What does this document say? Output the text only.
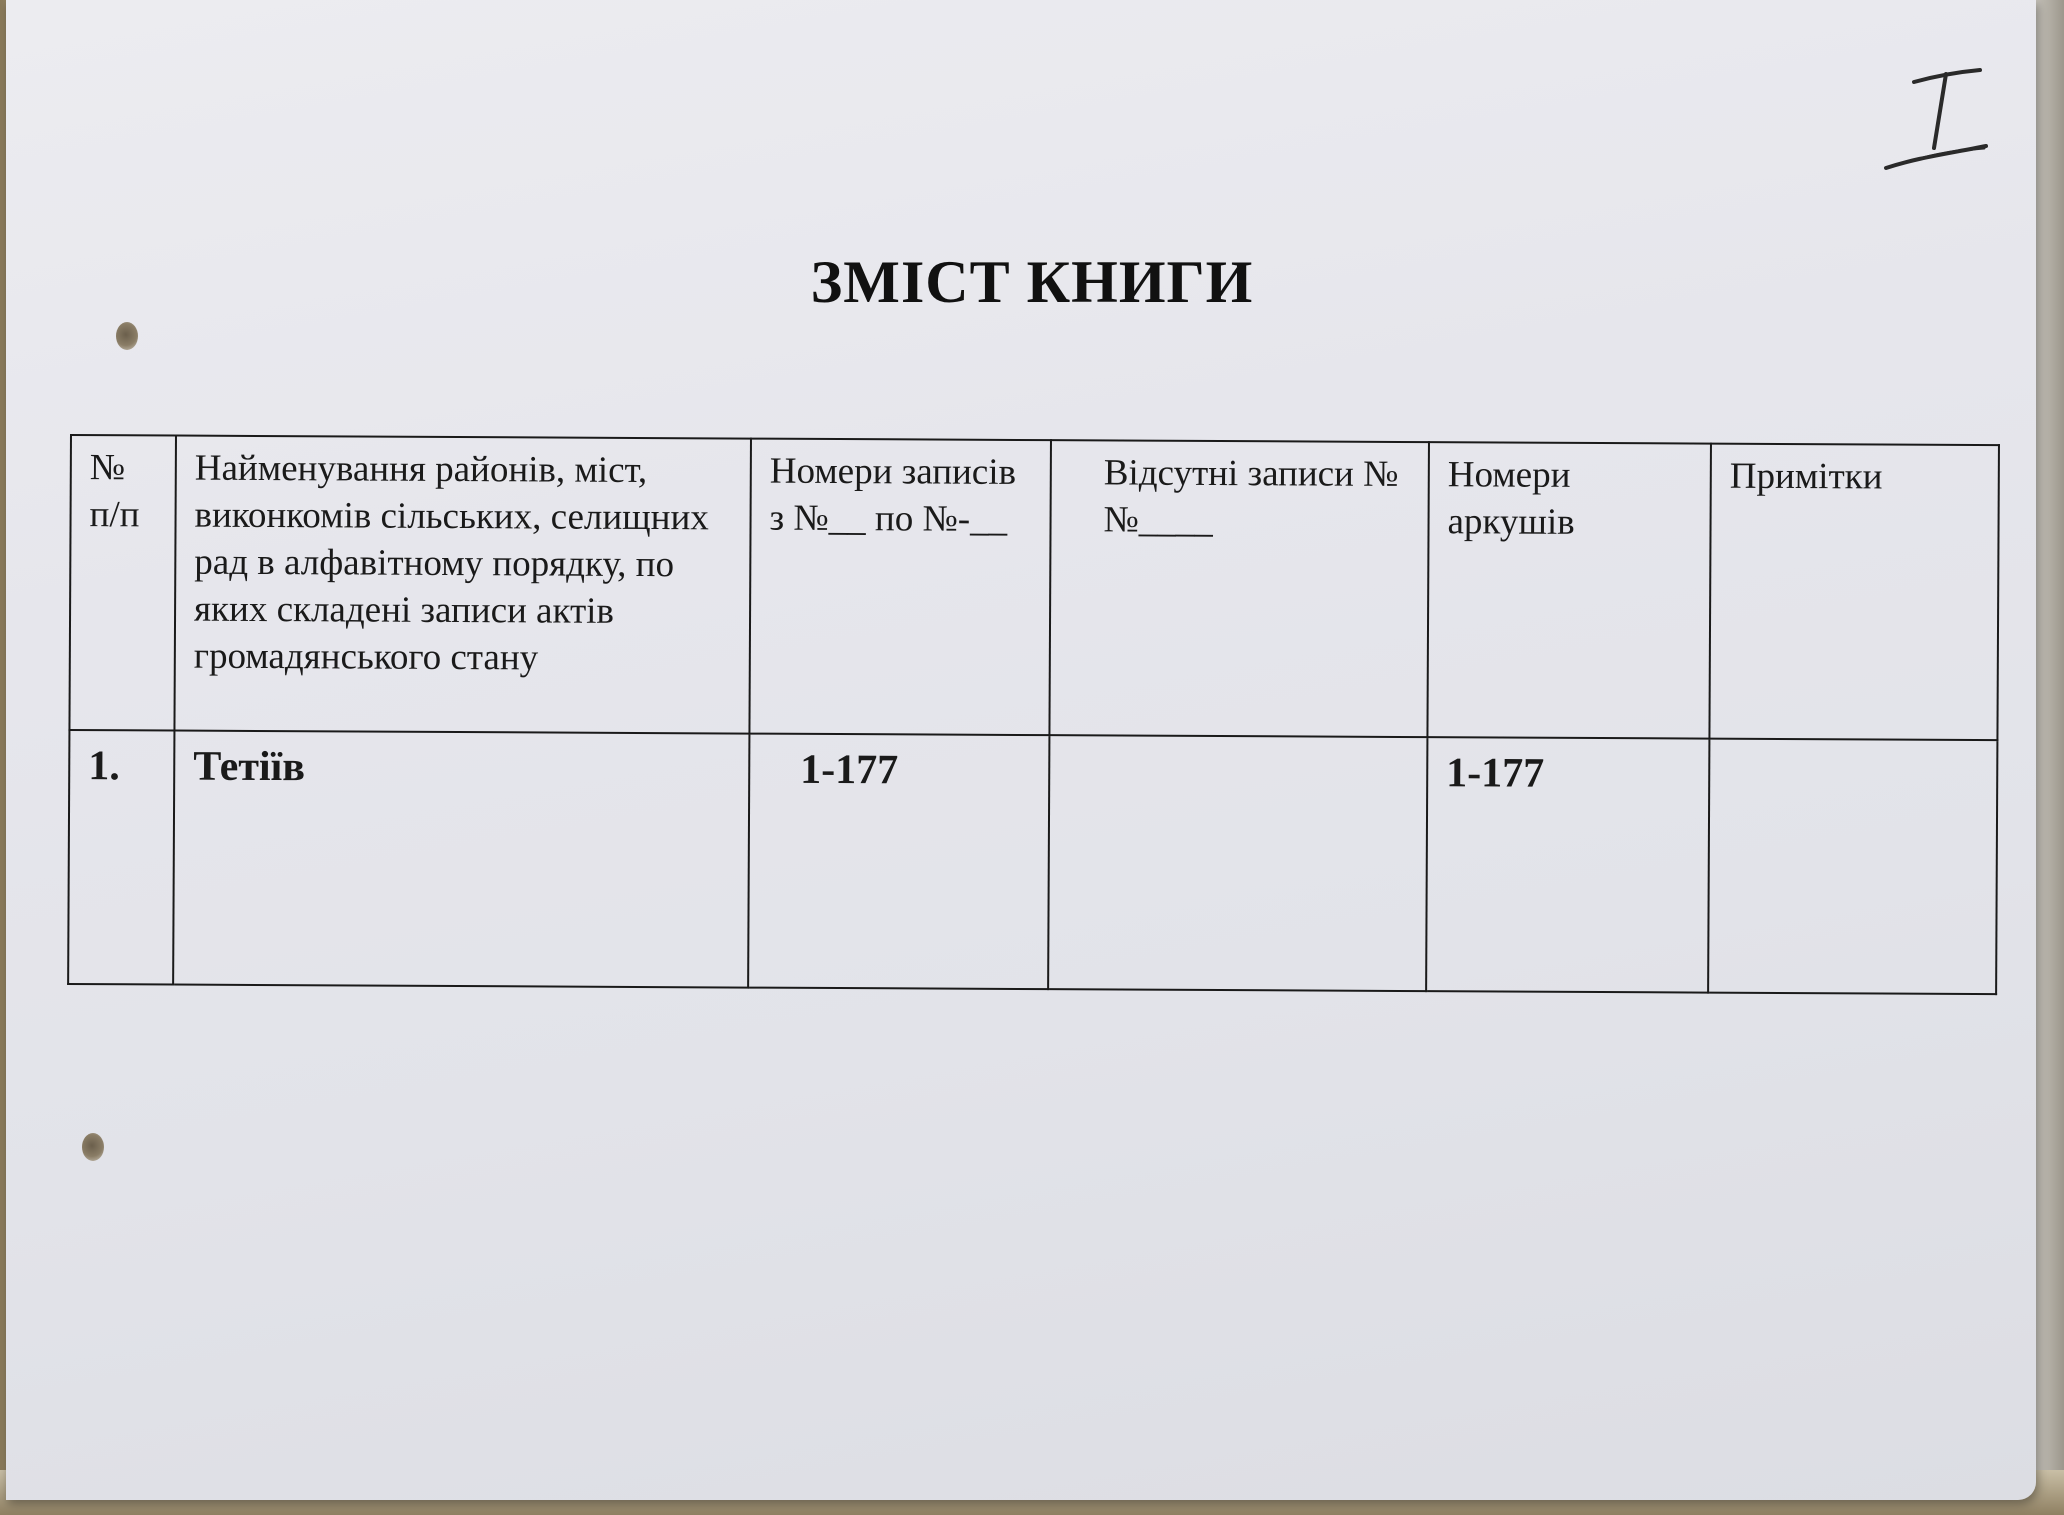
ЗМІСТ КНИГИ
№ п/п	Найменування районів, міст, виконкомів сільських, селищних рад в алфавітному порядку, по яких складені записи актів громадянського стану	Номери записів з №__ по №-__	Відсутні записи №№____	Номери аркушів	Примітки
1.	Тетіїв	1-177		1-177	
